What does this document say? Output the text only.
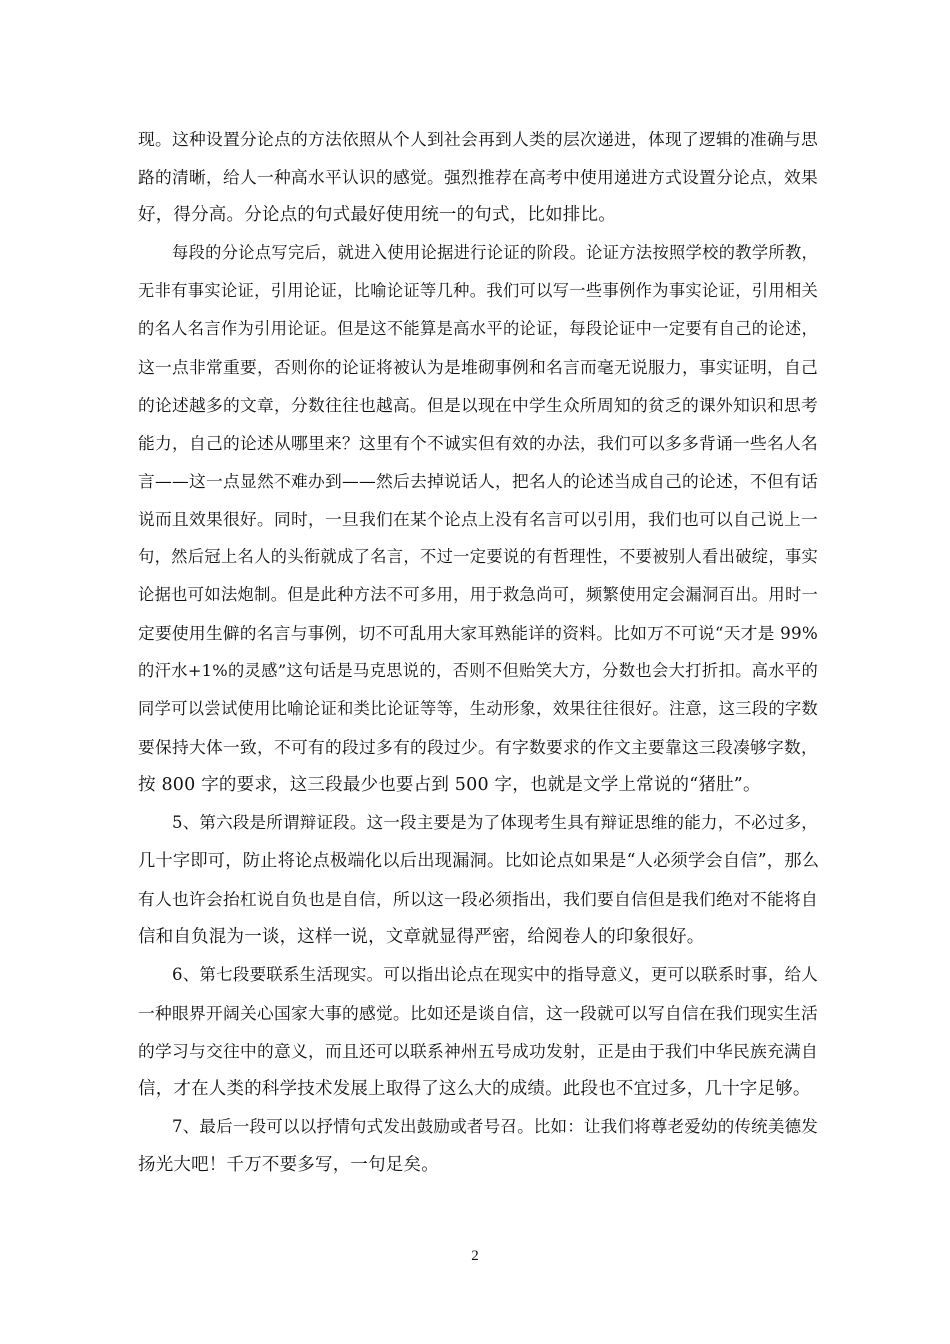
现。这种设置分论点的方法依照从个人到社会再到人类的层次递进，体现了逻辑的准确与思
路的清晰，给人一种高水平认识的感觉。强烈推荐在高考中使用递进方式设置分论点，效果
好，得分高。分论点的句式最好使用统一的句式，比如排比。
每段的分论点写完后，就进入使用论据进行论证的阶段。论证方法按照学校的教学所教，
无非有事实论证，引用论证，比喻论证等几种。我们可以写一些事例作为事实论证，引用相关
的名人名言作为引用论证。但是这不能算是高水平的论证，每段论证中一定要有自己的论述，
这一点非常重要，否则你的论证将被认为是堆砌事例和名言而毫无说服力，事实证明，自己
的论述越多的文章，分数往往也越高。但是以现在中学生众所周知的贫乏的课外知识和思考
能力，自己的论述从哪里来？这里有个不诚实但有效的办法，我们可以多多背诵一些名人名
言——这一点显然不难办到——然后去掉说话人，把名人的论述当成自己的论述，不但有话
说而且效果很好。同时，一旦我们在某个论点上没有名言可以引用，我们也可以自己说上一
句，然后冠上名人的头衔就成了名言，不过一定要说的有哲理性，不要被别人看出破绽，事实
论据也可如法炮制。但是此种方法不可多用，用于救急尚可，频繁使用定会漏洞百出。用时一
定要使用生僻的名言与事例，切不可乱用大家耳熟能详的资料。比如万不可说“天才是 99%
的汗水+1%的灵感”这句话是马克思说的，否则不但贻笑大方，分数也会大打折扣。高水平的
同学可以尝试使用比喻论证和类比论证等等，生动形象，效果往往很好。注意，这三段的字数
要保持大体一致，不可有的段过多有的段过少。有字数要求的作文主要靠这三段凑够字数，
按 800 字的要求，这三段最少也要占到 500 字，也就是文学上常说的“猪肚”。
5、第六段是所谓辩证段。这一段主要是为了体现考生具有辩证思维的能力，不必过多，
几十字即可，防止将论点极端化以后出现漏洞。比如论点如果是“人必须学会自信”，那么
有人也许会抬杠说自负也是自信，所以这一段必须指出，我们要自信但是我们绝对不能将自
信和自负混为一谈，这样一说，文章就显得严密，给阅卷人的印象很好。
6、第七段要联系生活现实。可以指出论点在现实中的指导意义，更可以联系时事，给人
一种眼界开阔关心国家大事的感觉。比如还是谈自信，这一段就可以写自信在我们现实生活
的学习与交往中的意义，而且还可以联系神州五号成功发射，正是由于我们中华民族充满自
信，才在人类的科学技术发展上取得了这么大的成绩。此段也不宜过多，几十字足够。
7、最后一段可以以抒情句式发出鼓励或者号召。比如：让我们将尊老爱幼的传统美德发
扬光大吧！千万不要多写，一句足矣。
2
